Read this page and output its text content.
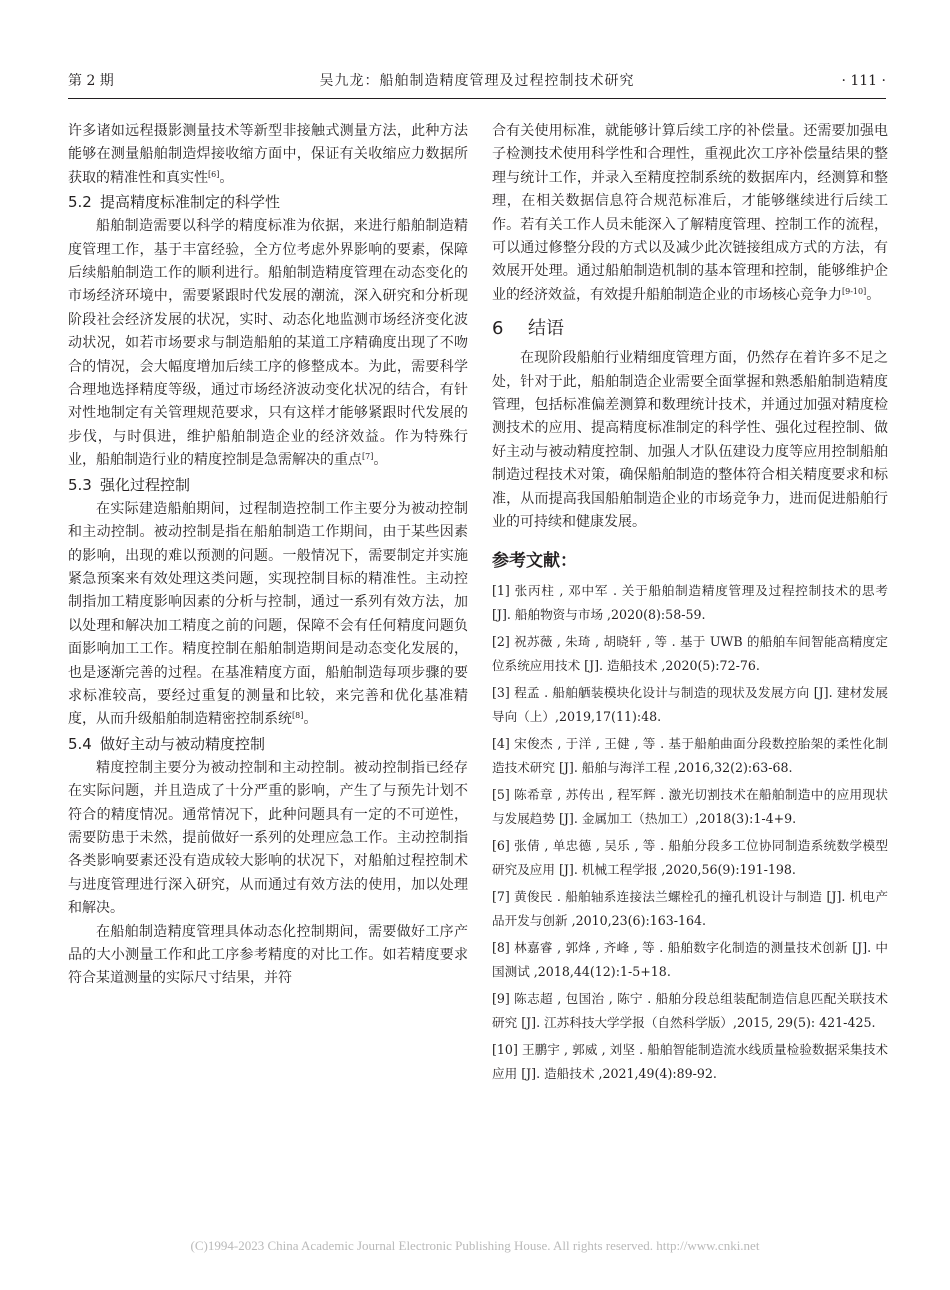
第 2 期	吴九龙：船舶制造精度管理及过程控制技术研究	· 111 ·

许多诸如远程摄影测量技术等新型非接触式测量方法，此种方法能够在测量船舶制造焊接收缩方面中，保证有关收缩应力数据所获取的精准性和真实性[6]。

5.2 提高精度标准制定的科学性

船舶制造需要以科学的精度标准为依据，来进行船舶制造精度管理工作，基于丰富经验，全方位考虑外界影响的要素，保障后续船舶制造工作的顺利进行。船舶制造精度管理在动态变化的市场经济环境中，需要紧跟时代发展的潮流，深入研究和分析现阶段社会经济发展的状况，实时、动态化地监测市场经济变化波动状况，如若市场要求与制造船舶的某道工序精确度出现了不吻合的情况，会大幅度增加后续工序的修整成本。为此，需要科学合理地选择精度等级，通过市场经济波动变化状况的结合，有针对性地制定有关管理规范要求，只有这样才能够紧跟时代发展的步伐，与时俱进，维护船舶制造企业的经济效益。作为特殊行业，船舶制造行业的精度控制是急需解决的重点[7]。

5.3 强化过程控制

在实际建造船舶期间，过程制造控制工作主要分为被动控制和主动控制。被动控制是指在船舶制造工作期间，由于某些因素的影响，出现的难以预测的问题。一般情况下，需要制定并实施紧急预案来有效处理这类问题，实现控制目标的精准性。主动控制指加工精度影响因素的分析与控制，通过一系列有效方法，加以处理和解决加工精度之前的问题，保障不会有任何精度问题负面影响加工工作。精度控制在船舶制造期间是动态变化发展的，也是逐渐完善的过程。在基准精度方面，船舶制造每项步骤的要求标准较高，要经过重复的测量和比较，来完善和优化基准精度，从而升级船舶制造精密控制系统[8]。

5.4 做好主动与被动精度控制

精度控制主要分为被动控制和主动控制。被动控制指已经存在实际问题，并且造成了十分严重的影响，产生了与预先计划不符合的精度情况。通常情况下，此种问题具有一定的不可逆性，需要防患于未然，提前做好一系列的处理应急工作。主动控制指各类影响要素还没有造成较大影响的状况下，对船舶过程控制术与进度管理进行深入研究，从而通过有效方法的使用，加以处理和解决。

在船舶制造精度管理具体动态化控制期间，需要做好工序产品的大小测量工作和此工序参考精度的对比工作。如若精度要求符合某道测量的实际尺寸结果，并符

合有关使用标准，就能够计算后续工序的补偿量。还需要加强电子检测技术使用科学性和合理性，重视此次工序补偿量结果的整理与统计工作，并录入至精度控制系统的数据库内，经测算和整理，在相关数据信息符合规范标准后，才能够继续进行后续工作。若有关工作人员未能深入了解精度管理、控制工作的流程，可以通过修整分段的方式以及减少此次链接组成方式的方法，有效展开处理。通过船舶制造机制的基本管理和控制，能够维护企业的经济效益，有效提升船舶制造企业的市场核心竞争力[9-10]。

6 结语

在现阶段船舶行业精细度管理方面，仍然存在着许多不足之处，针对于此，船舶制造企业需要全面掌握和熟悉船舶制造精度管理，包括标准偏差测算和数理统计技术，并通过加强对精度检测技术的应用、提高精度标准制定的科学性、强化过程控制、做好主动与被动精度控制、加强人才队伍建设力度等应用控制船舶制造过程技术对策，确保船舶制造的整体符合相关精度要求和标准，从而提高我国船舶制造企业的市场竞争力，进而促进船舶行业的可持续和健康发展。

参考文献：
[1] 张丙柱 , 邓中军 . 关于船舶制造精度管理及过程控制技术的思考 [J]. 船舶物资与市场 ,2020(8):58-59.
[2] 祝苏薇 , 朱琦 , 胡晓轩 , 等 . 基于 UWB 的船舶车间智能高精度定位系统应用技术 [J]. 造船技术 ,2020(5):72-76.
[3] 程孟 . 船舶舾装模块化设计与制造的现状及发展方向 [J]. 建材发展导向（上）,2019,17(11):48.
[4] 宋俊杰 , 于洋 , 王健 , 等 . 基于船舶曲面分段数控胎架的柔性化制造技术研究 [J]. 船舶与海洋工程 ,2016,32(2):63-68.
[5] 陈希章 , 苏传出 , 程军辉 . 激光切割技术在船舶制造中的应用现状与发展趋势 [J]. 金属加工（热加工）,2018(3):1-4+9.
[6] 张倩 , 单忠德 , 吴乐 , 等 . 船舶分段多工位协同制造系统数学模型研究及应用 [J]. 机械工程学报 ,2020,56(9):191-198.
[7] 黄俊民 . 船舶轴系连接法兰螺栓孔的撞孔机设计与制造 [J]. 机电产品开发与创新 ,2010,23(6):163-164.
[8] 林嘉睿 , 郭烽 , 齐峰 , 等 . 船舶数字化制造的测量技术创新 [J]. 中国测试 ,2018,44(12):1-5+18.
[9] 陈志超 , 包国治 , 陈宁 . 船舶分段总组装配制造信息匹配关联技术研究 [J]. 江苏科技大学学报（自然科学版）,2015, 29(5): 421-425.
[10] 王鹏宇 , 郭威 , 刘坚 . 船舶智能制造流水线质量检验数据采集技术应用 [J]. 造船技术 ,2021,49(4):89-92.
(C)1994-2023 China Academic Journal Electronic Publishing House. All rights reserved. http://www.cnki.net
